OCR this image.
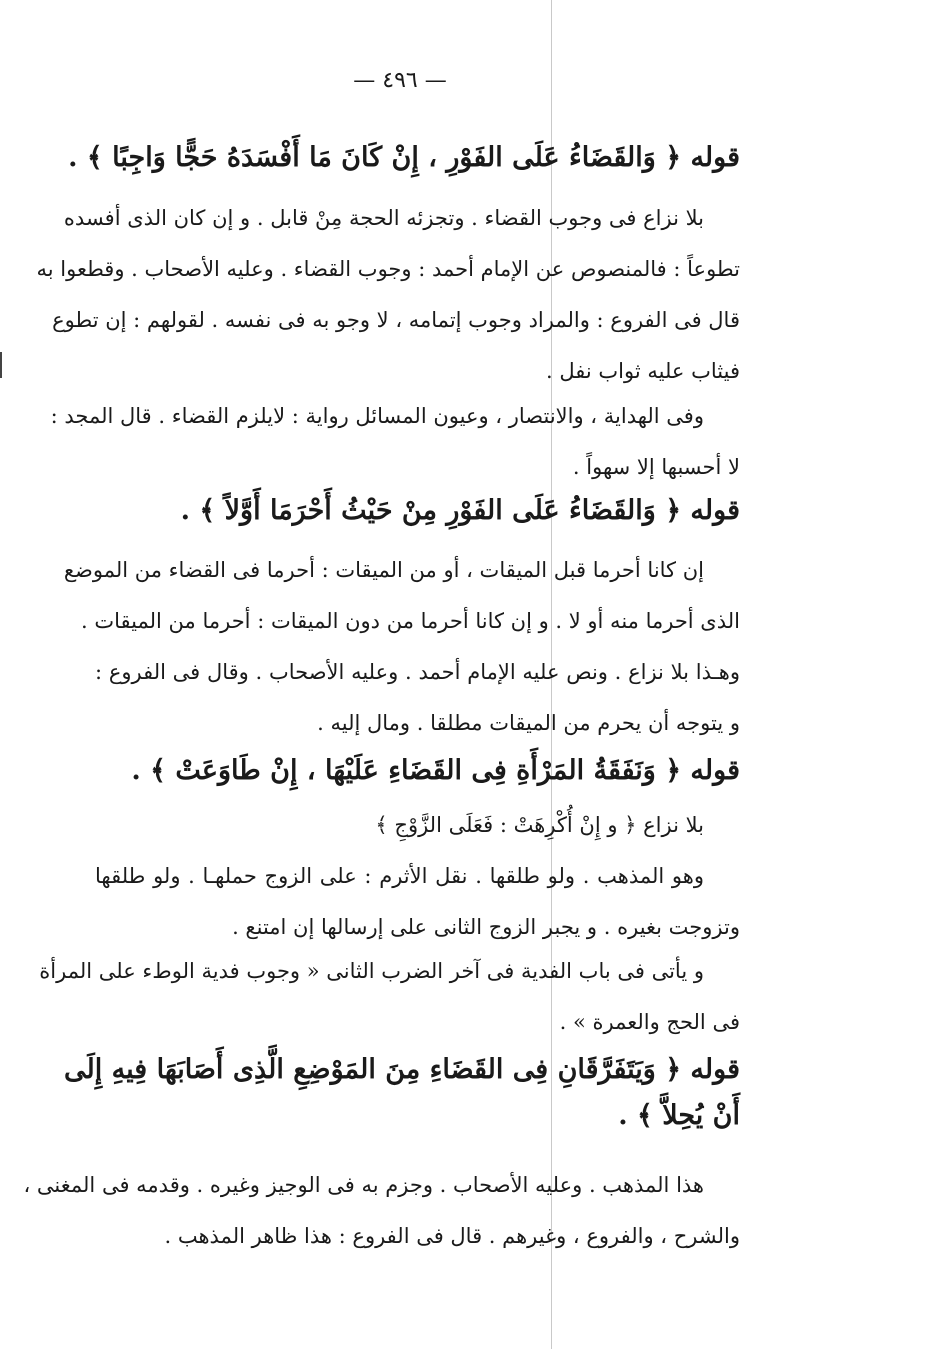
— ٤٩٦ —
قوله ﴿ وَالقَضَاءُ عَلَى الفَوْرِ ، إِنْ كَانَ مَا أَفْسَدَهُ حَجًّا وَاجِبًا ﴾ .
بلا نزاع فى وجوب القضاء . وتجزئه الحجة مِنْ قابل . و إن كان الذى أفسده
تطوعاً : فالمنصوص عن الإمام أحمد : وجوب القضاء . وعليه الأصحاب . وقطعوا به
قال فى الفروع : والمراد وجوب إتمامه ، لا وجو به فى نفسه . لقولهم : إن تطوع
فيثاب عليه ثواب نفل .
وفى الهداية ، والانتصار ، وعيون المسائل رواية : لايلزم القضاء . قال المجد :
لا أحسبها إلا سهواً .
قوله ﴿ وَالقَضَاءُ عَلَى الفَوْرِ مِنْ حَيْثُ أَحْرَمَا أَوَّلاً ﴾ .
إن كانا أحرما قبل الميقات ، أو من الميقات : أحرما فى القضاء من الموضع
الذى أحرما منه أو لا . و إن كانا أحرما من دون الميقات : أحرما من الميقات .
وهـذا بلا نزاع . ونص عليه الإمام أحمد . وعليه الأصحاب . وقال فى الفروع :
و يتوجه أن يحرم من الميقات مطلقا . ومال إليه .
قوله ﴿ وَنَفَقَةُ المَرْأَةِ فِى القَضَاءِ عَلَيْهَا ، إِنْ طَاوَعَتْ ﴾ .
بلا نزاع ﴿ و إِنْ أُكْرِهَتْ : فَعَلَى الزَّوْجِ ﴾
وهو المذهب . ولو طلقها . نقل الأثرم : على الزوج حملهـا . ولو طلقها
وتزوجت بغيره . و يجبر الزوج الثانى على إرسالها إن امتنع .
و يأتى فى باب الفدية فى آخر الضرب الثانى « وجوب فدية الوطء على المرأة
فى الحج والعمرة » .
قوله ﴿ وَيَتَفَرَّقَانِ فِى القَضَاءِ مِنَ المَوْضِعِ الَّذِى أَصَابَهَا فِيهِ إِلَى
أَنْ يُحِلاَّ ﴾ .
هذا المذهب . وعليه الأصحاب . وجزم به فى الوجيز وغيره . وقدمه فى المغنى ،
والشرح ، والفروع ، وغيرهم . قال فى الفروع : هذا ظاهر المذهب .
